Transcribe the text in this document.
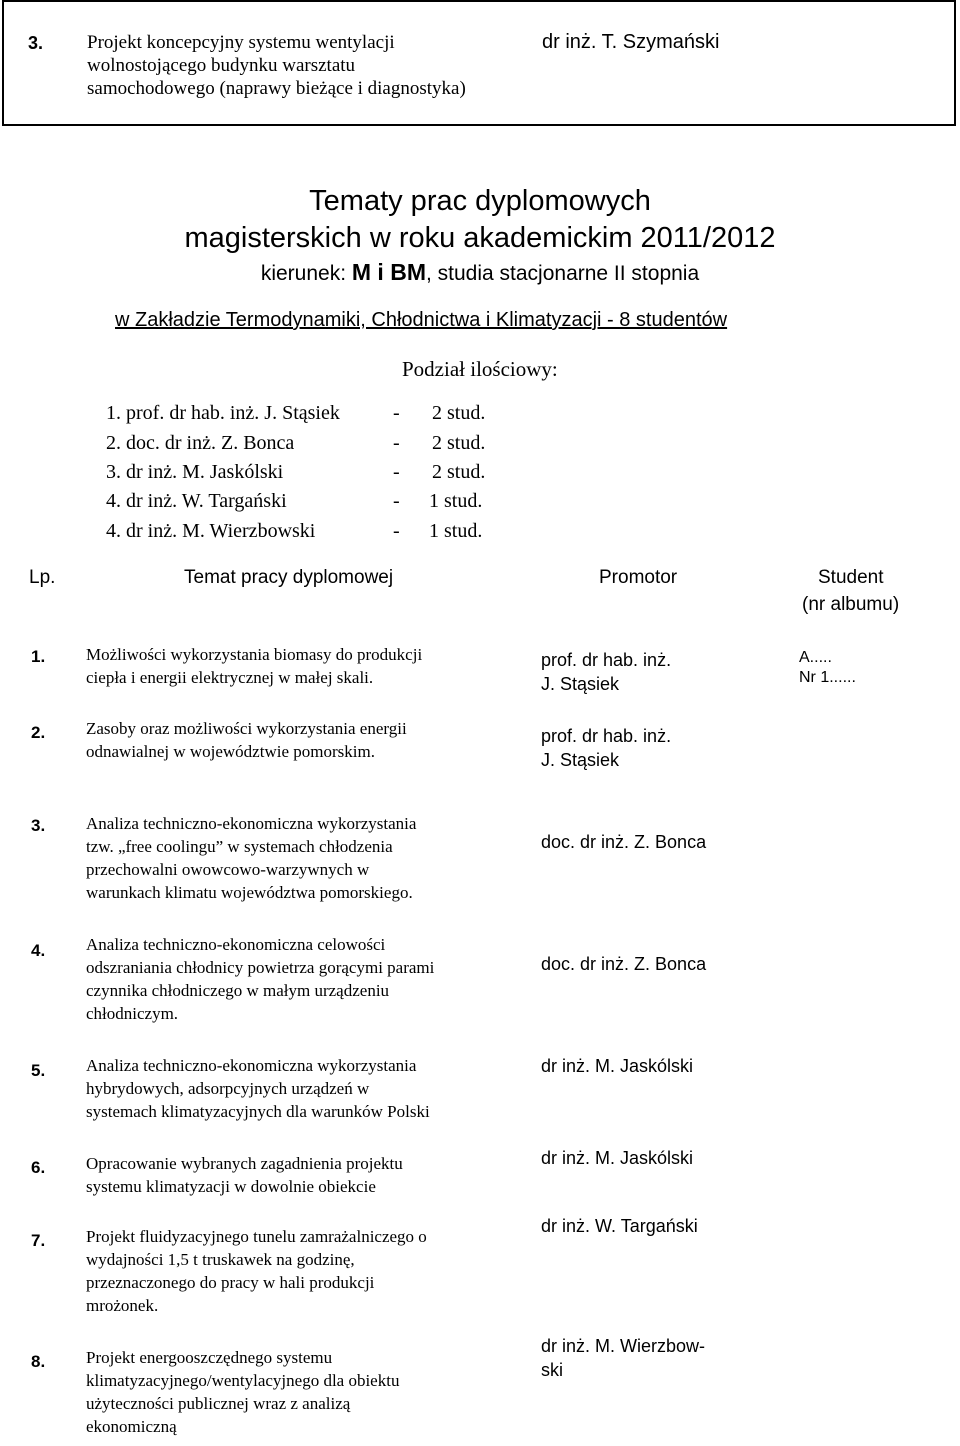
3. Projekt koncepcyjny systemu wentylacji
wolnostojącego budynku warsztatu
samochodowego (naprawy bieżące i diagnostyka)
dr inż. T. Szymański
Tematy prac dyplomowych
magisterskich w roku akademickim 2011/2012
kierunek: M i BM, studia stacjonarne II stopnia
w Zakładzie Termodynamiki, Chłodnictwa i Klimatyzacji - 8 studentów
Podział ilościowy:
1. prof. dr hab. inż. J. Stąsiek	- 2 stud.
2. doc. dr inż. Z. Bonca	- 2 stud.
3. dr inż. M. Jaskólski	- 2 stud.
4. dr inż. W. Targański	- 1 stud.
4. dr inż. M. Wierzbowski	- 1 stud.
Lp.	Temat pracy dyplomowej	Promotor	Student
(nr albumu)
1. Możliwości wykorzystania biomasy do produkcji
ciepła i energii elektrycznej w małej skali.
prof. dr hab. inż.
J. Stąsiek
A.....
Nr 1......
2. Zasoby oraz możliwości wykorzystania energii
odnawialnej w województwie pomorskim.
prof. dr hab. inż.
J. Stąsiek
3. Analiza techniczno-ekonomiczna wykorzystania
tzw. „free coolingu” w systemach chłodzenia
przechowalni owowcowo-warzywnych w
warunkach klimatu województwa pomorskiego.
doc. dr inż. Z. Bonca
4. Analiza techniczno-ekonomiczna celowości
odszraniania chłodnicy powietrza gorącymi parami
czynnika chłodniczego w małym urządzeniu
chłodniczym.
doc. dr inż. Z. Bonca
5. Analiza techniczno-ekonomiczna wykorzystania
hybrydowych, adsorpcyjnych urządzeń w
systemach klimatyzacyjnych dla warunków Polski
dr inż. M. Jaskólski
6. Opracowanie wybranych zagadnienia projektu
systemu klimatyzacji w dowolnie obiekcie
dr inż. M. Jaskólski
7. Projekt fluidyzacyjnego tunelu zamrażalniczego o
wydajności 1,5 t truskawek na godzinę,
przeznaczonego do pracy w hali produkcji
mrożonek.
dr inż. W. Targański
8. Projekt energooszczędnego systemu
klimatyzacyjnego/wentylacyjnego dla obiektu
użyteczności publicznej wraz z analizą
ekonomiczną
dr inż. M. Wierzbow-
ski
